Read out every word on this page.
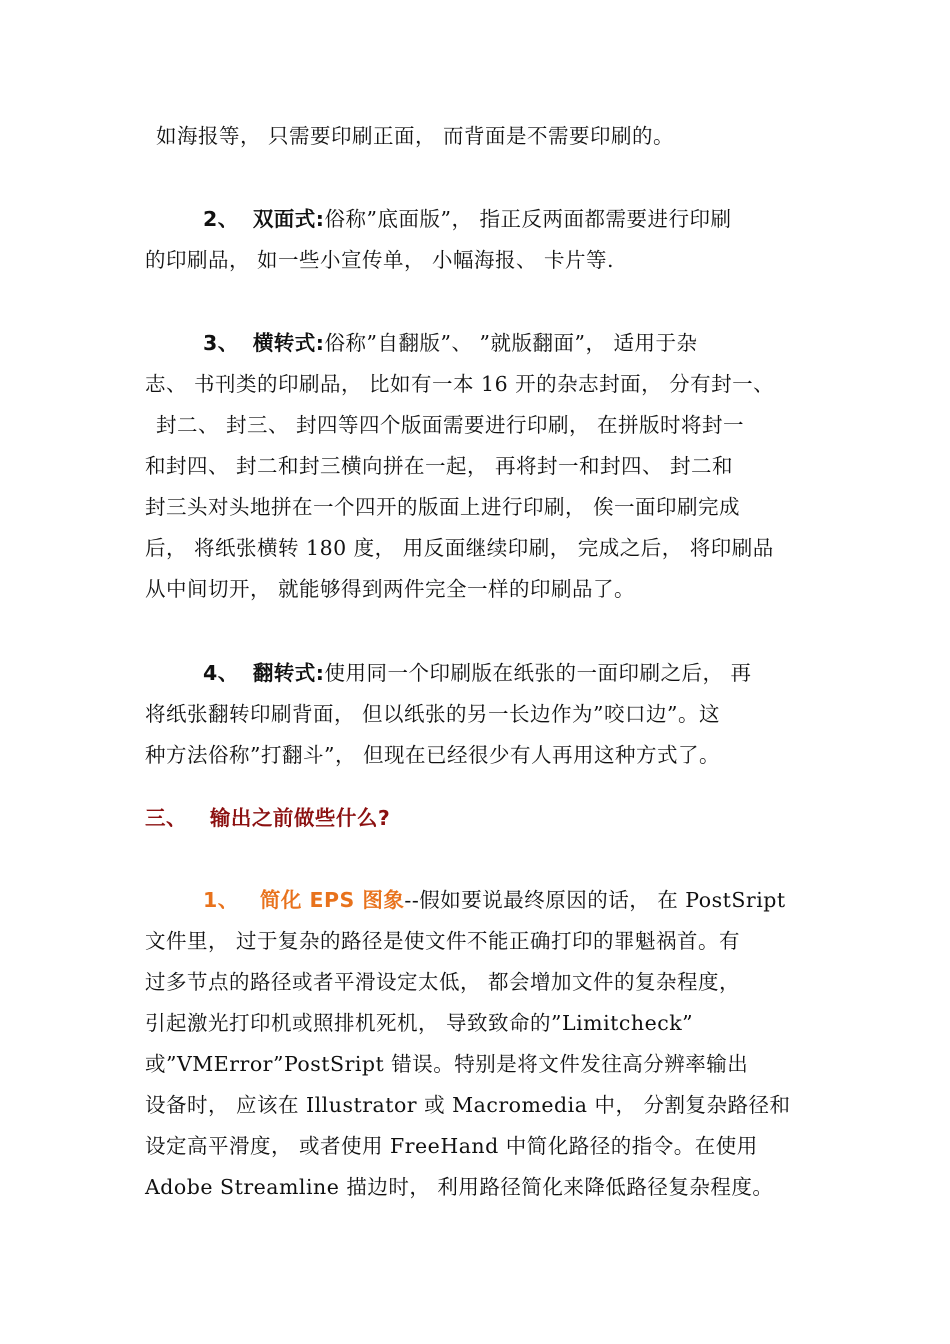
如海报等， 只需要印刷正面， 而背面是不需要印刷的。
2、 双面式:俗称”底面版”， 指正反两面都需要进行印刷
的印刷品， 如一些小宣传单， 小幅海报、 卡片等.
3、 横转式:俗称”自翻版”、 ”就版翻面”， 适用于杂
志、 书刊类的印刷品， 比如有一本 16 开的杂志封面， 分有封一、
封二、 封三、 封四等四个版面需要进行印刷， 在拼版时将封一
和封四、 封二和封三横向拼在一起， 再将封一和封四、 封二和
封三头对头地拼在一个四开的版面上进行印刷， 俟一面印刷完成
后， 将纸张横转 180 度， 用反面继续印刷， 完成之后， 将印刷品
从中间切开， 就能够得到两件完全一样的印刷品了。
4、 翻转式:使用同一个印刷版在纸张的一面印刷之后， 再
将纸张翻转印刷背面， 但以纸张的另一长边作为”咬口边”。这
种方法俗称”打翻斗”， 但现在已经很少有人再用这种方式了。
三、 输出之前做些什么?
1、 简化 EPS 图象--假如要说最终原因的话， 在 PostSript
文件里， 过于复杂的路径是使文件不能正确打印的罪魁祸首。有
过多节点的路径或者平滑设定太低， 都会增加文件的复杂程度，
引起激光打印机或照排机死机， 导致致命的”Limitcheck”
或”VMError”PostSript 错误。特别是将文件发往高分辨率输出
设备时， 应该在 Illustrator 或 Macromedia 中， 分割复杂路径和
设定高平滑度， 或者使用 FreeHand 中简化路径的指令。在使用
Adobe Streamline 描边时， 利用路径简化来降低路径复杂程度。
